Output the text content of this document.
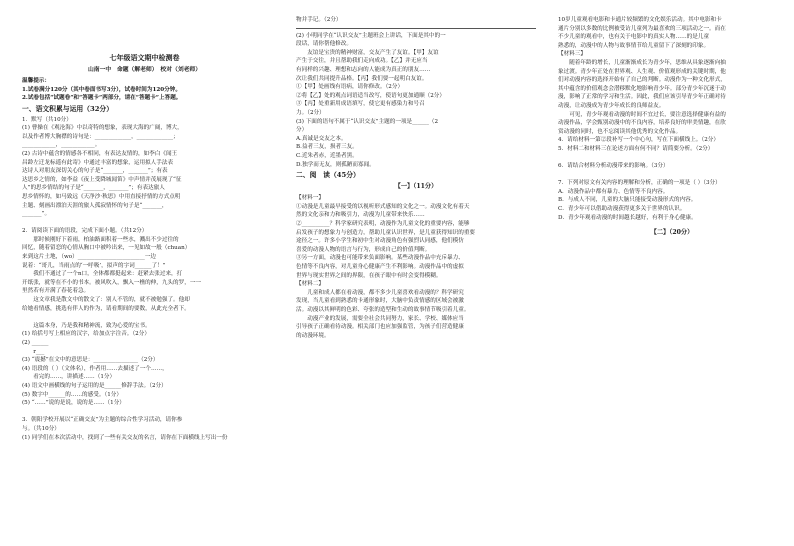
七年级语文期中检测卷

山南一中　命题（解老师）　校对（刘老师）

温馨提示：

1.试卷满分120分（其中卷面书写3分），试卷时间为120分钟。

2.试卷包括“试题卷”和“答题卡”两部分，请在“答题卡”上答题。

一、语文积累与运用（32分）

1．默写（共10分）

(1) 曹操在《观沧海》中以奇特的想象，表现大海的广阔，博大，

以及作者博大胸襟的诗句是：_____________，_____________；

____________，____________。

(2) 古诗中蕴含的情感各不相同，有表达友情的，如李白《闻王

昌龄左迁龙标遥有此寄》中通过丰富的想象，运用拟人手法表

达诗人对朋友深切关心的句子是“_______，_______”；有表

达思乡之情的，如李益《夜上受降城闻笛》中声情并茂展现了“征

人”的思乡情结的句子是“_______，_______”；有表达旅人

思乡情怀的，如马致远《天净沙·秋思》中用直接抒情的方式点明

主题、刻画出漂泊天涯的旅人孤寂情怀的句子是“_______，

_______”。

2．请阅读下面的语段，完成下面小题。（共12分）

　　那时候刚好下着雨，柏油路面积着一些水，溅出不少过往的

回忆，随着留恋的心情从胸口中被吟出来，一见如故一般（chuan）

来到这片土地，（wo）________________________一边

说着：“哥儿，当雨点的‘一呼吸’，拟声的字词______了！”

　　我们不通过了一个n口，全体都都挺起来：赶紧去张过来，打

开纸张，就等在不小的书本。被风吹入，飘入一樵的伸，九头的罗，一一

里然若有开满了春花着急。

　　这文章我是散文中的散文了：别人不管的，就不被勉强了。他却

给她看情感，挑选有伴人的作为，请看期间的要数，从此充全者下。

　　这篇本身，乃是我和精神流，致为心爱的宝书。

(1) 给括号写上相应的汉字，给加点字注音。（2分）

(2) ______

　　r___

(3) “震撼”在文中的意思是：________________（2分）

(4) 语段的（ ）（文体名），作者用……去描述了一个……，

　　看完的……，讲描述……（1分）

(4) 语文中画横线的句子运用的是______修辞手法。（2分）

(5) 数字中______的……的感受。（1分）

(5) “……”说的是说，说的是……（1分）

3．朝阳学校开展以“正确交友”为主题的综合性学习活动，请你参

与。（共10分）

(1) 同学们在本次活动中，找到了一些有关交友的名言，请你在下面横线上写出一份

物并手记。（2分）

(2) 小明同学在“认识交友”主题班会上讲话，下面是其中的一

段话，请你帮他修改。

　　友谊是宝贵的精神财富，交友产生了友谊。【甲】友谊

产生于交往，并且帮助我们走向成功。【乙】并无应当

有同样的兴趣、理想和志向的人能成为真正的朋友……

次让我们共同提升品格。【丙】我们要一起明白友谊。

①【甲】处画线有语病，请你修改。（2分）

②将【乙】处的观点词语适当改写，使语句更加通顺（2分）

③【丙】处重新用成语填写，使它更有感染力和号召

力。（2分）

(3) 下面的语句不属于“认识交友”主题的一项是______（2

分）

A.真诚是交友之本。

B.益者三友，损者三友。

C.近朱者赤，近墨者黑。

D.独学而无友，则孤陋而寡闻。

二、阅　读（45分）

【一】（11分）

【材料一】

①动漫是儿童最早接受的以视听形式感知的文化之一。动漫文化有着天

然的文化亲和力和吸引力，动漫为儿童带来快乐……

②__________？科学家研究表明，动漫作为儿童文化的重要内容，能够

启发孩子的想象力与创造力，帮助儿童认识世界，是儿童获得知识的重要

途径之一。许多小学生和初中生对动漫角色有强烈认同感，他们模仿

喜爱的动漫人物的语言与行为，形成自己的价值判断。

③另一方面，动漫也可能带来负面影响。某些动漫作品中充斥暴力、

色情等不良内容，对儿童身心健康产生不利影响。动漫作品中的虚拟

世界与现实世界之间的界限，在孩子眼中有时会变得模糊。

【材料二】

　　儿童和成人都在看动漫，都不多少儿童喜欢看动漫的？科学研究

发现，当儿童看到熟悉的卡通形象时，大脑中负责情感的区域会被激

活。动漫以其鲜明的色彩、夸张的造型和生动的故事情节吸引着儿童。

　　动漫产业的发展，需要全社会共同努力，家长、学校、媒体应当

引导孩子正确看待动漫。相关部门也应加强监管，为孩子们营造健康

的动漫环境。

10岁儿童观看电影和卡通片较频繁的文化娱乐活动。其中电影和卡

通片分别以多数的比例被受访儿童列为最喜欢的三项活动之一。而在

不少儿童的观看中，也有关于电影中的真实人物……的是儿童

熟悉的，动漫中的人物与故事情节给儿童留下了深刻的印象。

【材料三】

　　随着年龄的增长，儿童渐渐成长为青少年，思维从具象逐渐向抽

象过渡。青少年正处在世界观、人生观、价值观形成的关键时期，他

们对动漫内容的选择开始有了自己的判断。动漫作为一种文化形式，

其中蕴含的价值观念会潜移默化地影响青少年。部分青少年沉迷于动

漫，影响了正常的学习和生活。因此，我们应该引导青少年正确对待

动漫，让动漫成为青少年成长的良师益友。

　　可见，青少年观看动漫的时间不宜过长，要注意选择健康有益的

动漫作品，学会甄别动漫中的不良内容，培养良好的审美情趣，在欣

赏动漫的同时，也不忘阅读其他优秀的文化作品。

4．请给材料一第②段补写一个中心句，写在下面横线上。（2分）

5．材料二和材料三在论述方面有何不同？请简要分析。（2分）

6．请结合材料分析动漫带来的影响。（3分）

7．下列对原文有关内容的理解和分析，正确的一项是（ ）（3分）

A．动漫作品中都有暴力、色情等不良内容。

B．与成人不同，儿童的大脑只能接受动漫形式的内容。

C．青少年可以借助动漫获得更多关于世界的认识。

D．青少年观看动漫的时间越长越好，有利于身心健康。

【二】（20分）
